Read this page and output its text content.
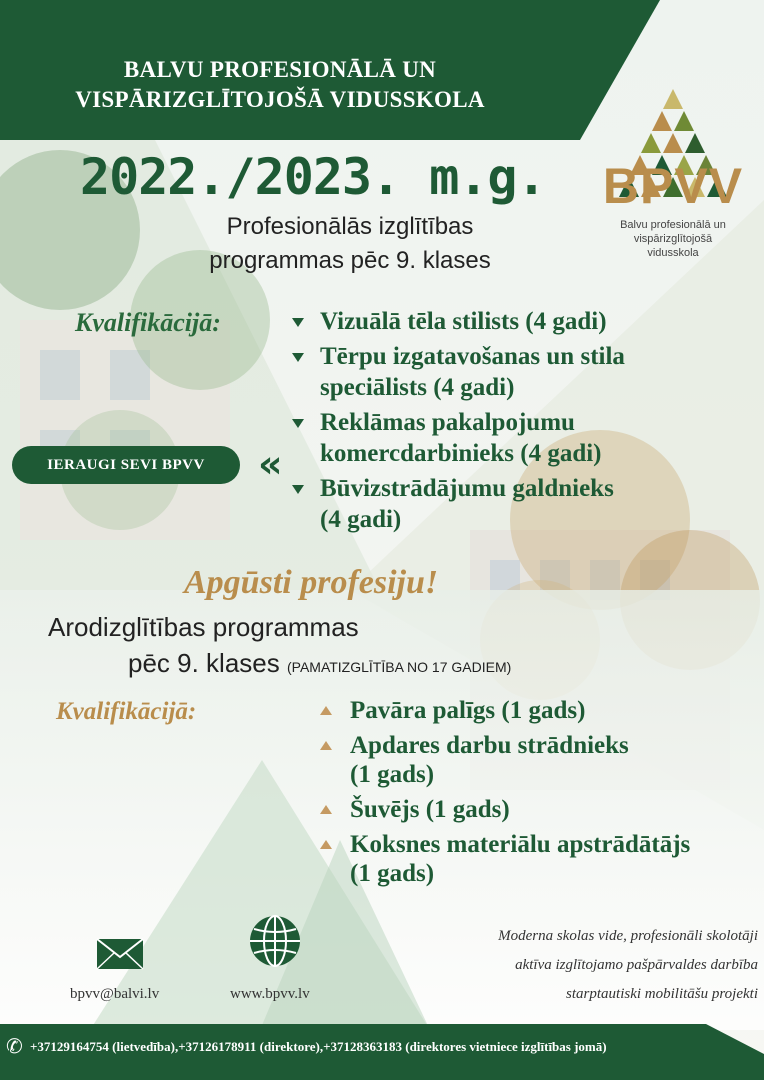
BALVU PROFESIONĀLĀ UN
VISPĀRIZGLĪTOJOŠĀ VIDUSSKOLA
2022./2023. m.g. BPVV
Balvu profesionālā un
vispārizglītojošā
vidusskola
Profesionālās izglītības
programmas pēc 9. klases
Kvalifikācijā:	Vizuālā tēla stilists (4 gadi)
Tērpu izgatavošanas un stila
speciālists (4 gadi)
Reklāmas pakalpojumu
komercdarbinieks (4 gadi)
Būvizstrādājumu galdnieks
(4 gadi)
IERAUGI SEVI BPVV	«
Apgūsti profesiju!
Arodizglītības programmas
pēc 9. klases (PAMATIZGLĪTĪBA NO 17 GADIEM)
Kvalifikācijā:	Pavāra palīgs (1 gads)
Apdares darbu strādnieks
(1 gads)
Šuvējs (1 gads)
Koksnes materiālu apstrādātājs
(1 gads)
bpvv@balvi.lv	www.bpvv.lv
Moderna skolas vide, profesionāli skolotāji
aktīva izglītojamo pašpārvaldes darbība
starptautiski mobilitāšu projekti
✆ +37129164754 (lietvedība),+37126178911 (direktore),+37128363183 (direktores vietniece izglītības jomā)
